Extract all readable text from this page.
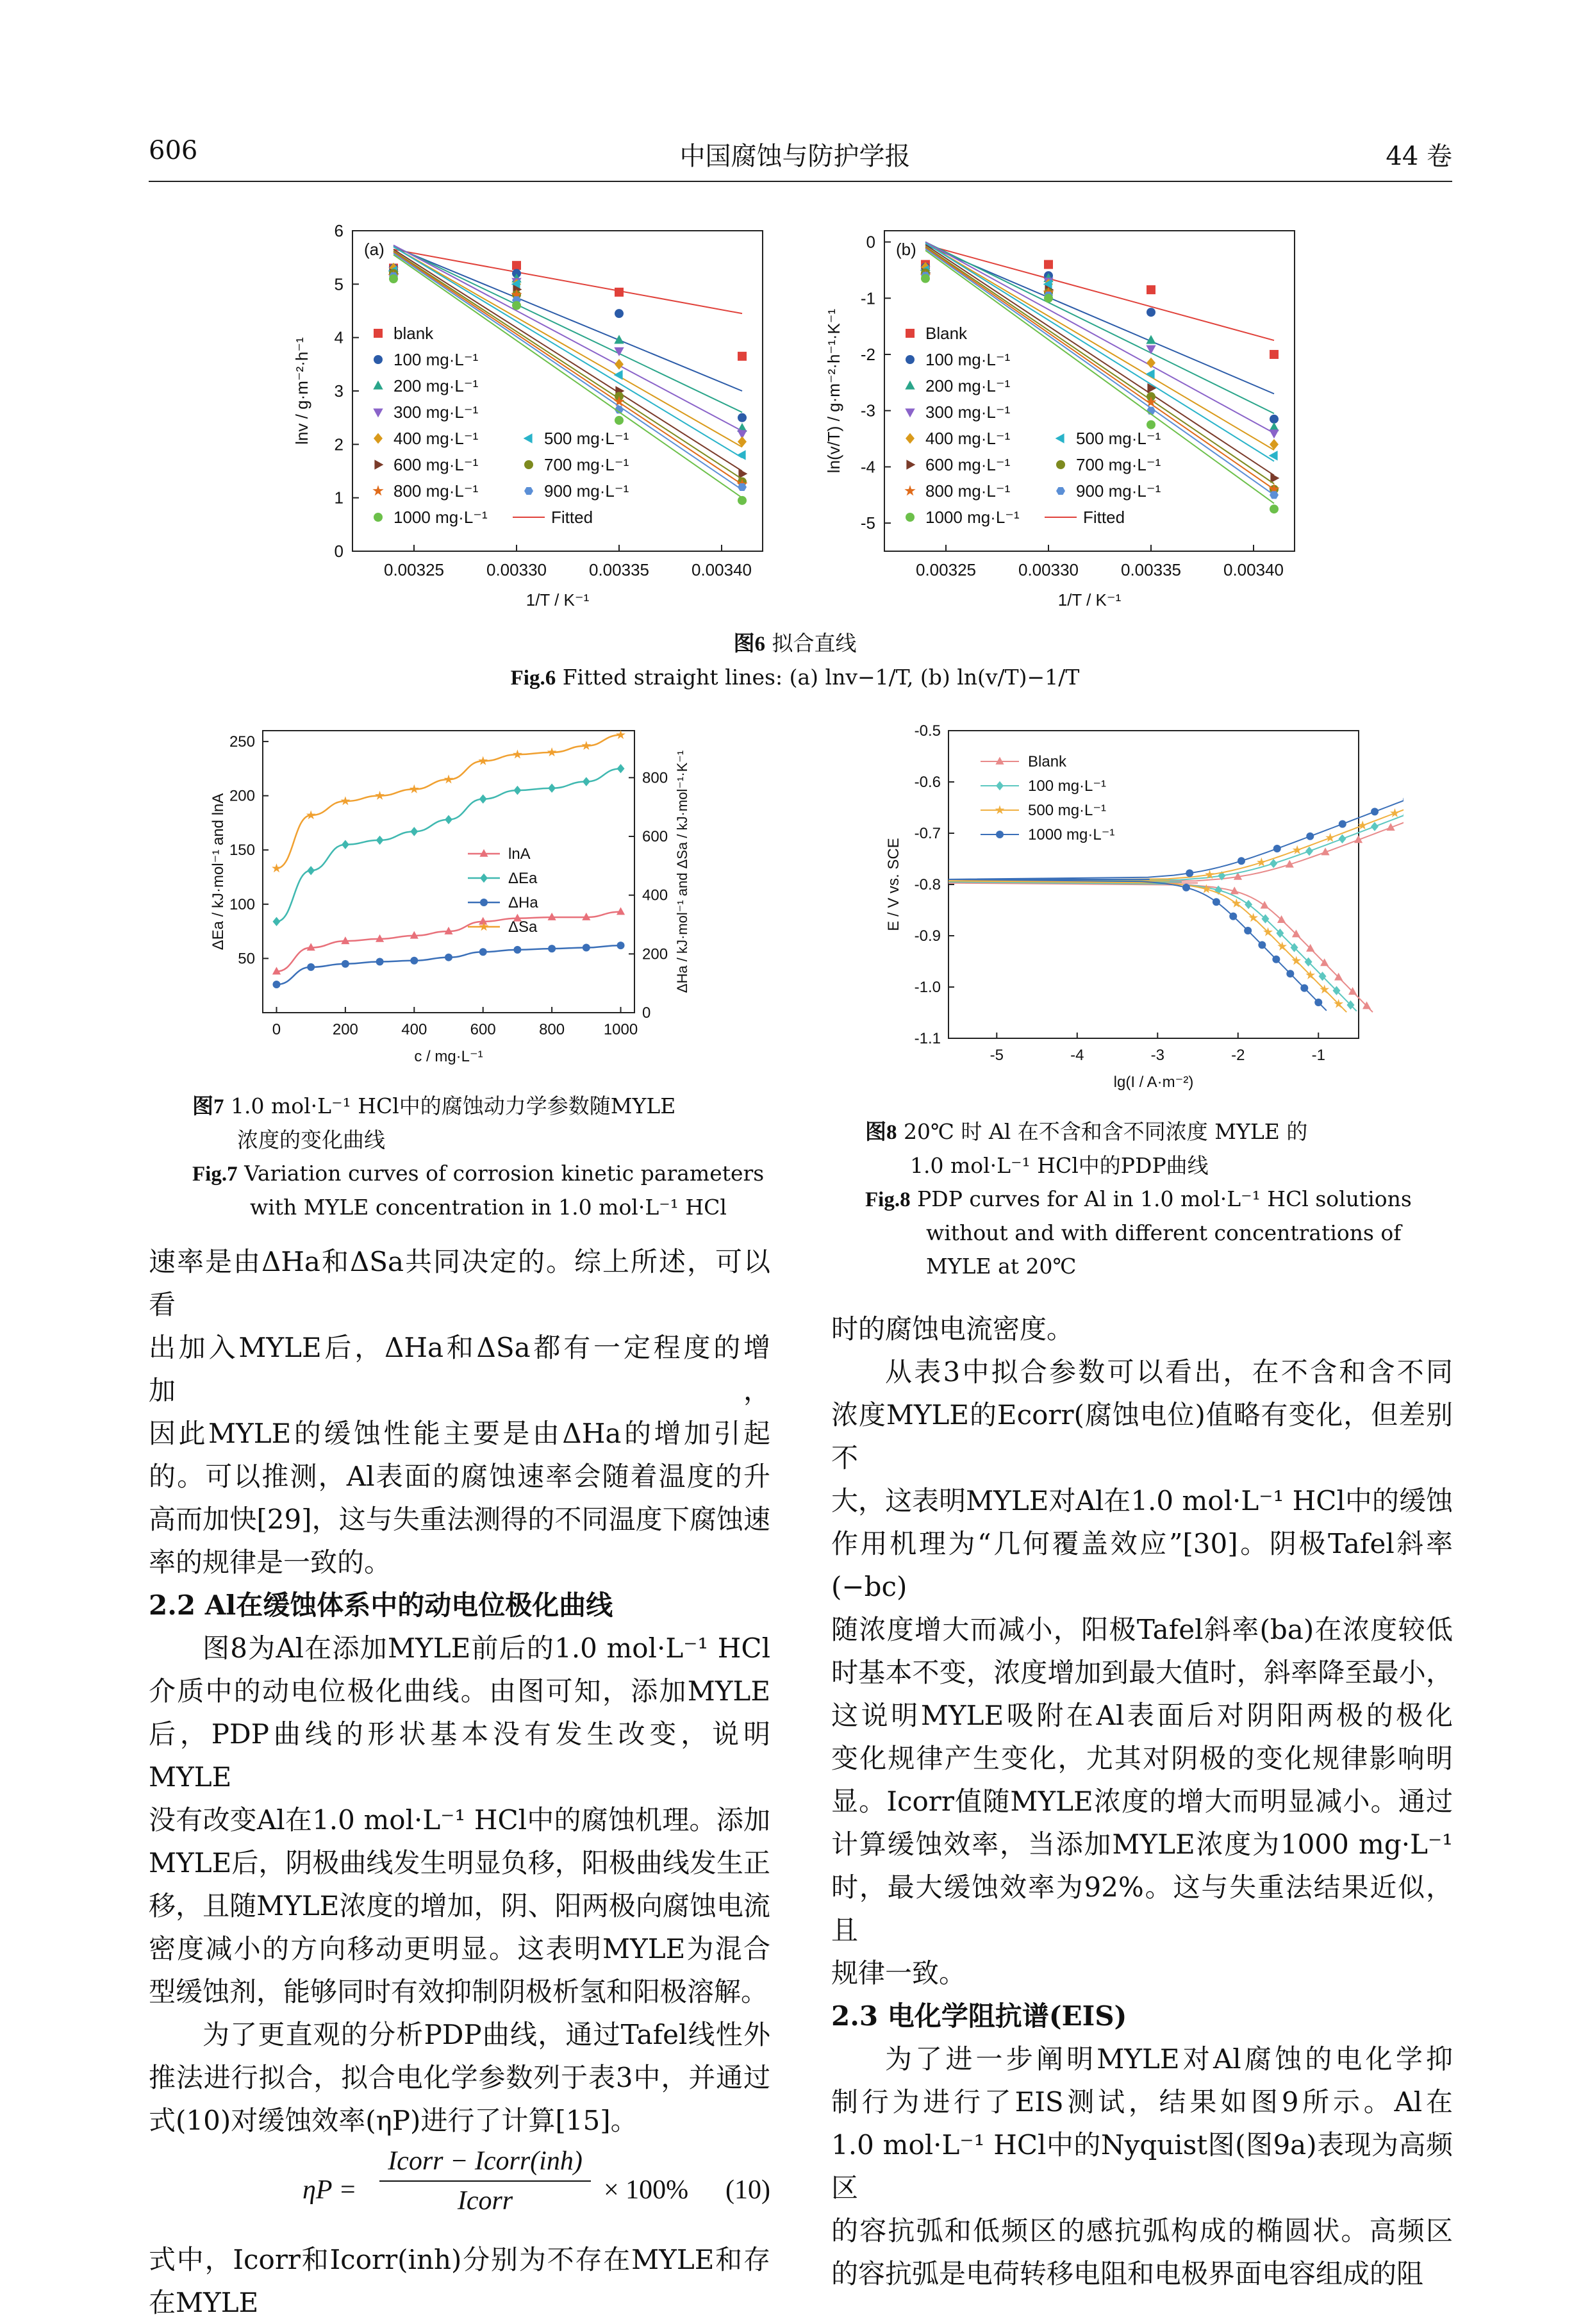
606	中国腐蚀与防护学报	44 卷
0.00325	0.00330	0.00335	0.00340
0
1
2
3
4
5
6
1/T / K⁻¹
lnv / g·m⁻²·h⁻¹
(a)
blank
100 mg·L⁻¹
200 mg·L⁻¹
300 mg·L⁻¹
400 mg·L⁻¹
600 mg·L⁻¹
800 mg·L⁻¹
1000 mg·L⁻¹
500 mg·L⁻¹
700 mg·L⁻¹
900 mg·L⁻¹
Fitted
0.00325	0.00330	0.00335	0.00340
-5
-4
-3
-2
-1
0
1/T / K⁻¹
ln(v/T) / g·m⁻²·h⁻¹·K⁻¹
(b)
Blank
100 mg·L⁻¹
200 mg·L⁻¹
300 mg·L⁻¹
400 mg·L⁻¹
600 mg·L⁻¹
800 mg·L⁻¹
1000 mg·L⁻¹
500 mg·L⁻¹
700 mg·L⁻¹
900 mg·L⁻¹
Fitted
图6 拟合直线
Fig.6 Fitted straight lines: (a) lnv−1/T, (b) ln(v/T)−1/T
0	200	400	600	800	1000
50
100
150
200
250
0
200
400
600
800
c / mg·L⁻¹
ΔEa / kJ·mol⁻¹ and lnA	ΔHa / kJ·mol⁻¹ and ΔSa / kJ·mol⁻¹·K⁻¹
lnA
ΔEa
ΔHa
ΔSa
图7 1.0 mol·L⁻¹ HCl中的腐蚀动力学参数随MYLE
浓度的变化曲线
Fig.7 Variation curves of corrosion kinetic parameters
with MYLE concentration in 1.0 mol·L⁻¹ HCl
-5	-4	-3	-2	-1
-0.5
-0.6
-0.7
-0.8
-0.9
-1.0
-1.1
lg(I / A·m⁻²)
E / V vs. SCE
Blank
100 mg·L⁻¹
500 mg·L⁻¹
1000 mg·L⁻¹
图8 20℃ 时 Al 在不含和含不同浓度 MYLE 的
1.0 mol·L⁻¹ HCl中的PDP曲线
Fig.8 PDP curves for Al in 1.0 mol·L⁻¹ HCl solutions
without and with different concentrations of
MYLE at 20℃
速率是由ΔHa和ΔSa共同决定的。综上所述，可以看
出加入MYLE后，ΔHa和ΔSa都有一定程度的增加，
因此MYLE的缓蚀性能主要是由ΔHa的增加引起
的。可以推测，Al表面的腐蚀速率会随着温度的升
高而加快[29]，这与失重法测得的不同温度下腐蚀速
率的规律是一致的。
2.2 Al在缓蚀体系中的动电位极化曲线
图8为Al在添加MYLE前后的1.0 mol·L⁻¹ HCl
介质中的动电位极化曲线。由图可知，添加MYLE
后，PDP曲线的形状基本没有发生改变，说明MYLE
没有改变Al在1.0 mol·L⁻¹ HCl中的腐蚀机理。添加
MYLE后，阴极曲线发生明显负移，阳极曲线发生正
移，且随MYLE浓度的增加，阴、阳两极向腐蚀电流
密度减小的方向移动更明显。这表明MYLE为混合
型缓蚀剂，能够同时有效抑制阴极析氢和阳极溶解。
为了更直观的分析PDP曲线，通过Tafel线性外
推法进行拟合，拟合电化学参数列于表3中，并通过
式(10)对缓蚀效率(ηP)进行了计算[15]。
ηP =
Icorr − Icorr(inh)
Icorr	× 100% (10)
式中，Icorr和Icorr(inh)分别为不存在MYLE和存在MYLE
时的腐蚀电流密度。
从表3中拟合参数可以看出，在不含和含不同
浓度MYLE的Ecorr(腐蚀电位)值略有变化，但差别不
大，这表明MYLE对Al在1.0 mol·L⁻¹ HCl中的缓蚀
作用机理为“几何覆盖效应”[30]。阴极Tafel斜率(−bc)
随浓度增大而减小，阳极Tafel斜率(ba)在浓度较低
时基本不变，浓度增加到最大值时，斜率降至最小，
这说明MYLE吸附在Al表面后对阴阳两极的极化
变化规律产生变化，尤其对阴极的变化规律影响明
显。Icorr值随MYLE浓度的增大而明显减小。通过
计算缓蚀效率，当添加MYLE浓度为1000 mg·L⁻¹
时，最大缓蚀效率为92%。这与失重法结果近似，且
规律一致。
2.3 电化学阻抗谱(EIS)
为了进一步阐明MYLE对Al腐蚀的电化学抑
制行为进行了EIS测试，结果如图9所示。Al在
1.0 mol·L⁻¹ HCl中的Nyquist图(图9a)表现为高频区
的容抗弧和低频区的感抗弧构成的椭圆状。高频区
的容抗弧是电荷转移电阻和电极界面电容组成的阻
